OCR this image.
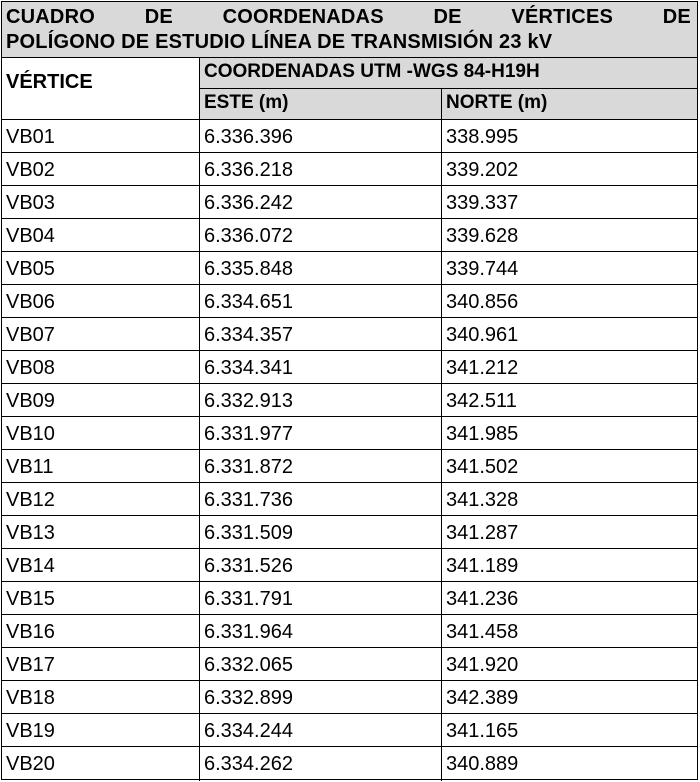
CUADRO DE COORDENADAS DE VÉRTICES DE
POLÍGONO DE ESTUDIO LÍNEA DE TRANSMISIÓN 23 kV
VÉRTICE	COORDENADAS UTM -WGS 84-H19H
ESTE (m)	NORTE (m)
VB01	6.336.396	338.995
VB02	6.336.218	339.202
VB03	6.336.242	339.337
VB04	6.336.072	339.628
VB05	6.335.848	339.744
VB06	6.334.651	340.856
VB07	6.334.357	340.961
VB08	6.334.341	341.212
VB09	6.332.913	342.511
VB10	6.331.977	341.985
VB11	6.331.872	341.502
VB12	6.331.736	341.328
VB13	6.331.509	341.287
VB14	6.331.526	341.189
VB15	6.331.791	341.236
VB16	6.331.964	341.458
VB17	6.332.065	341.920
VB18	6.332.899	342.389
VB19	6.334.244	341.165
VB20	6.334.262	340.889
